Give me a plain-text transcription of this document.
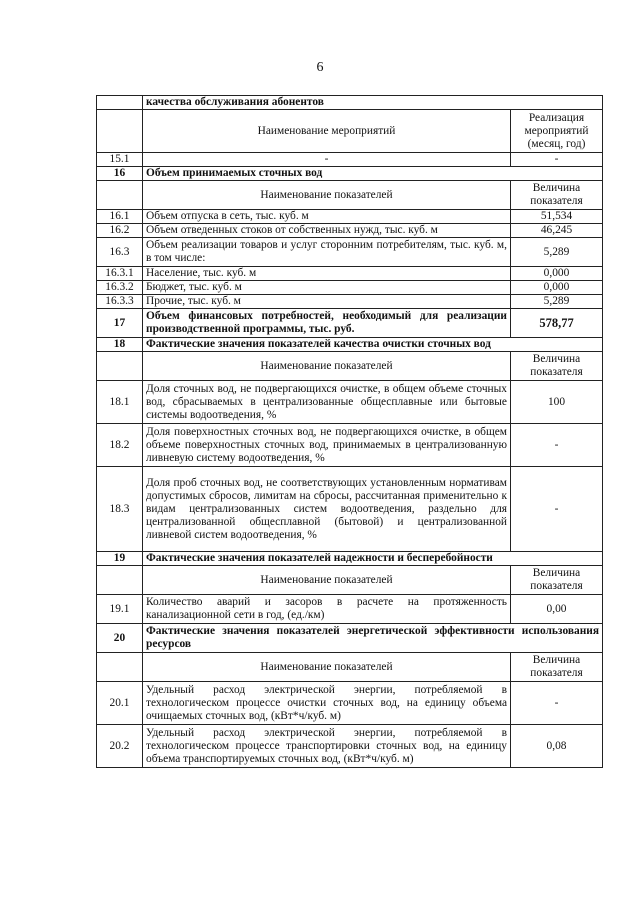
6
	качества обслуживания абонентов	
	Наименование мероприятий	Реализация мероприятий (месяц, год)
15.1	-	-
16	Объем принимаемых сточных вод	
	Наименование показателей	Величина показателя
16.1	Объем отпуска в сеть, тыс. куб. м	51,534
16.2	Объем отведенных стоков от собственных нужд, тыс. куб. м	46,245
16.3	Объем реализации товаров и услуг сторонним потребителям, тыс. куб. м, в том числе:	5,289
16.3.1	Население, тыс. куб. м	0,000
16.3.2	Бюджет, тыс. куб. м	0,000
16.3.3	Прочие, тыс. куб. м	5,289
17	Объем финансовых потребностей, необходимый для реализации производственной программы, тыс. руб.	578,77
18	Фактические значения показателей качества очистки сточных вод	
	Наименование показателей	Величина показателя
18.1	Доля сточных вод, не подвергающихся очистке, в общем объеме сточных вод, сбрасываемых в централизованные общесплавные или бытовые системы водоотведения, %	100
18.2	Доля поверхностных сточных вод, не подвергающихся очистке, в общем объеме поверхностных сточных вод, принимаемых в централизованную ливневую систему водоотведения, %	-
18.3	Доля проб сточных вод, не соответствующих установленным нормативам допустимых сбросов, лимитам на сбросы, рассчитанная применительно к видам централизованных систем водоотведения, раздельно для централизованной общесплавной (бытовой) и централизованной ливневой систем водоотведения, %	-
19	Фактические значения показателей надежности и бесперебойности	
	Наименование показателей	Величина показателя
19.1	Количество аварий и засоров в расчете на протяженность канализационной сети в год, (ед./км)	0,00
20	Фактические значения показателей энергетической эффективности использования ресурсов	
	Наименование показателей	Величина показателя
20.1	Удельный расход электрической энергии, потребляемой в технологическом процессе очистки сточных вод, на единицу объема очищаемых сточных вод, (кВт*ч/куб. м)	-
20.2	Удельный расход электрической энергии, потребляемой в технологическом процессе транспортировки сточных вод, на единицу объема транспортируемых сточных вод, (кВт*ч/куб. м)	0,08
